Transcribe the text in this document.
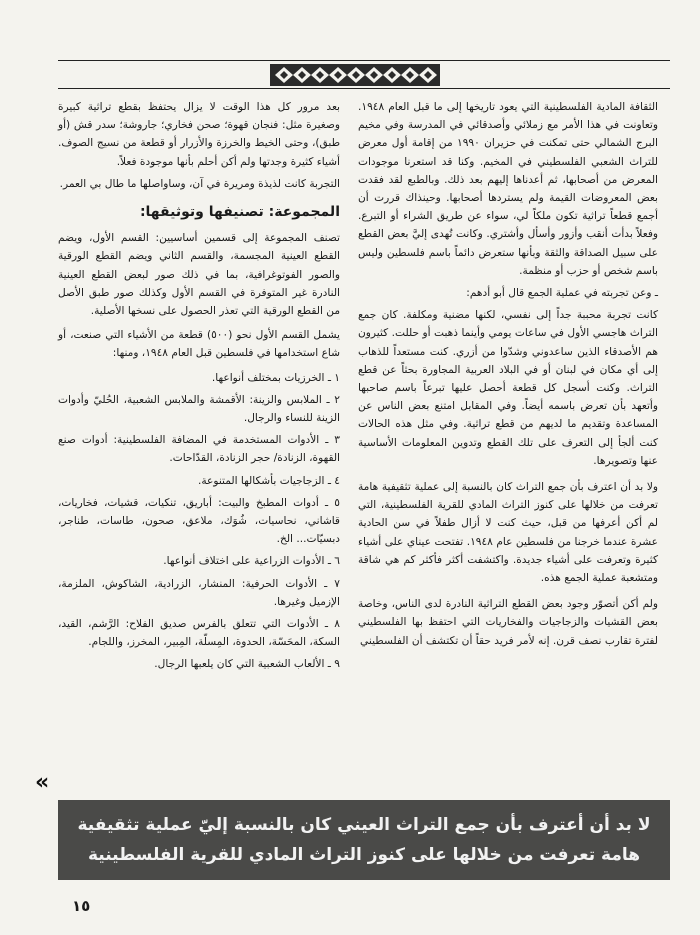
الثقافة المادية الفلسطينية التي يعود تاريخها إلى ما قبل العام ١٩٤٨. وتعاونت في هذا الأمر مع زملائي وأصدقائي في المدرسة وفي مخيم البرج الشمالي حتى تمكنت في حزيران ١٩٩٠ من إقامة أول معرض للتراث الشعبي الفلسطيني في المخيم. وكنا قد استعرنا موجودات المعرض من أصحابها، ثم أعدناها إليهم بعد ذلك. وبالطبع لقد فقدت بعض المعروضات القيمة ولم يستردها أصحابها. وحينذاك قررت أن أجمع قطعاً تراثية تكون ملكاً لي، سواء عن طريق الشراء أو التبرع. وفعلاً بدأت أنقب وأزور وأسأل وأشتري. وكانت تُهدى إليَّ بعض القطع على سبيل الصداقة والثقة وبأنها ستعرض دائماً باسم فلسطين وليس باسم شخص أو حزب أو منظمة.

ـ وعن تجربته في عملية الجمع قال أبو أدهم:

كانت تجربة محببة جداً إلى نفسي، لكنها مضنية ومكلفة. كان جمع التراث هاجسي الأول في ساعات يومي وأينما ذهبت أو حللت. كثيرون هم الأصدقاء الذين ساعدوني وشدّوا من أزري. كنت مستعداً للذهاب إلى أي مكان في لبنان أو في البلاد العربية المجاورة بحثاً عن قطع التراث. وكنت أسجل كل قطعة أحصل عليها تبرعاً باسم صاحبها وأتعهد بأن تعرض باسمه أيضاً. وفي المقابل امتنع بعض الناس عن المساعدة وتقديم ما لديهم من قطع تراثية. وفي مثل هذه الحالات كنت ألجأ إلى التعرف على تلك القطع وتدوين المعلومات الأساسية عنها وتصويرها.

ولا بد أن اعترف بأن جمع التراث كان بالنسبة إلى عملية تثقيفية هامة تعرفت من خلالها على كنوز التراث المادي للقرية الفلسطينية، التي لم أكن أعرفها من قبل، حيث كنت لا أزال طفلاً في سن الحادية عشرة عندما خرجنا من فلسطين عام ١٩٤٨. تفتحت عيناي على أشياء كثيرة وتعرفت على أشياء جديدة. واكتشفت أكثر فأكثر كم هي شاقة ومتشعبة عملية الجمع هذه.

ولم أكن أتصوّر وجود بعض القطع التراثية النادرة لدى الناس، وخاصة بعض القشيات والزجاجيات والفخاريات التي احتفظ بها الفلسطيني لفترة تقارب نصف قرن. إنه لأمر فريد حقاً أن تكتشف أن الفلسطيني

بعد مرور كل هذا الوقت لا يزال يحتفظ بقطع تراثية كبيرة وصغيرة مثل: فنجان قهوة؛ صحن فخاري؛ جاروشة؛ سدر قش (أو طبق)، وحتى الخيط والخرزة والأزرار أو قطعة من نسيج الصوف. أشياء كثيرة وجدتها ولم أكن أحلم بأنها موجودة فعلاً.

التجربة كانت لذيذة ومريرة في آن، وساواصلها ما طال بي العمر.

المجموعة: تصنيفها وتوثيقها:

تصنف المجموعة إلى قسمين أساسيين: القسم الأول، ويضم القطع العينية المجسمة، والقسم الثاني ويضم القطع الورقية والصور الفوتوغرافية، بما في ذلك صور لبعض القطع العينية النادرة غير المتوفرة في القسم الأول وكذلك صور طبق الأصل من القطع الورقية التي تعذر الحصول على نسخها الأصلية.

يشمل القسم الأول نحو (٥٠٠) قطعة من الأشياء التي صنعت، أو شاع استخدامها في فلسطين قبل العام ١٩٤٨، ومنها:

١ ـ الخرزيات بمختلف أنواعها.

٢ ـ الملابس والزينة: الأقمشة والملابس الشعبية، الحُليّ وأدوات الزينة للنساء والرجال.

٣ ـ الأدوات المستخدمة في المضافة الفلسطينية: أدوات صنع القهوة، الزنادة/ حجر الزنادة، القدّاحات.

٤ ـ الزجاجيات بأشكالها المتنوعة.

٥ ـ أدوات المطبخ والبيت: أباريق، تنكيات، قشيات، فخاريات، قاشاني، نحاسيات، شُوَك، ملاعق، صحون، طاسات، طناجر، دبسيّات... الخ.

٦ ـ الأدوات الزراعية على اختلاف أنواعها.

٧ ـ الأدوات الحرفية: المنشار، الزرادية، الشاكوش، الملزمة، الإزميل وغيرها.

٨ ـ الأدوات التي تتعلق بالفرس صديق الفلاح: الرَّشم، القيد، السكة، المحَسّة، الحدوة، المِسلّة، المِبير، المخرز، واللجام.

٩ ـ الألعاب الشعبية التي كان يلعبها الرجال.

«
لا بد أن أعترف بأن جمع التراث العيني كان بالنسبة إليّ عملية تثقيفية
هامة تعرفت من خلالها على كنوز التراث المادي للقرية الفلسطينية
١٥
